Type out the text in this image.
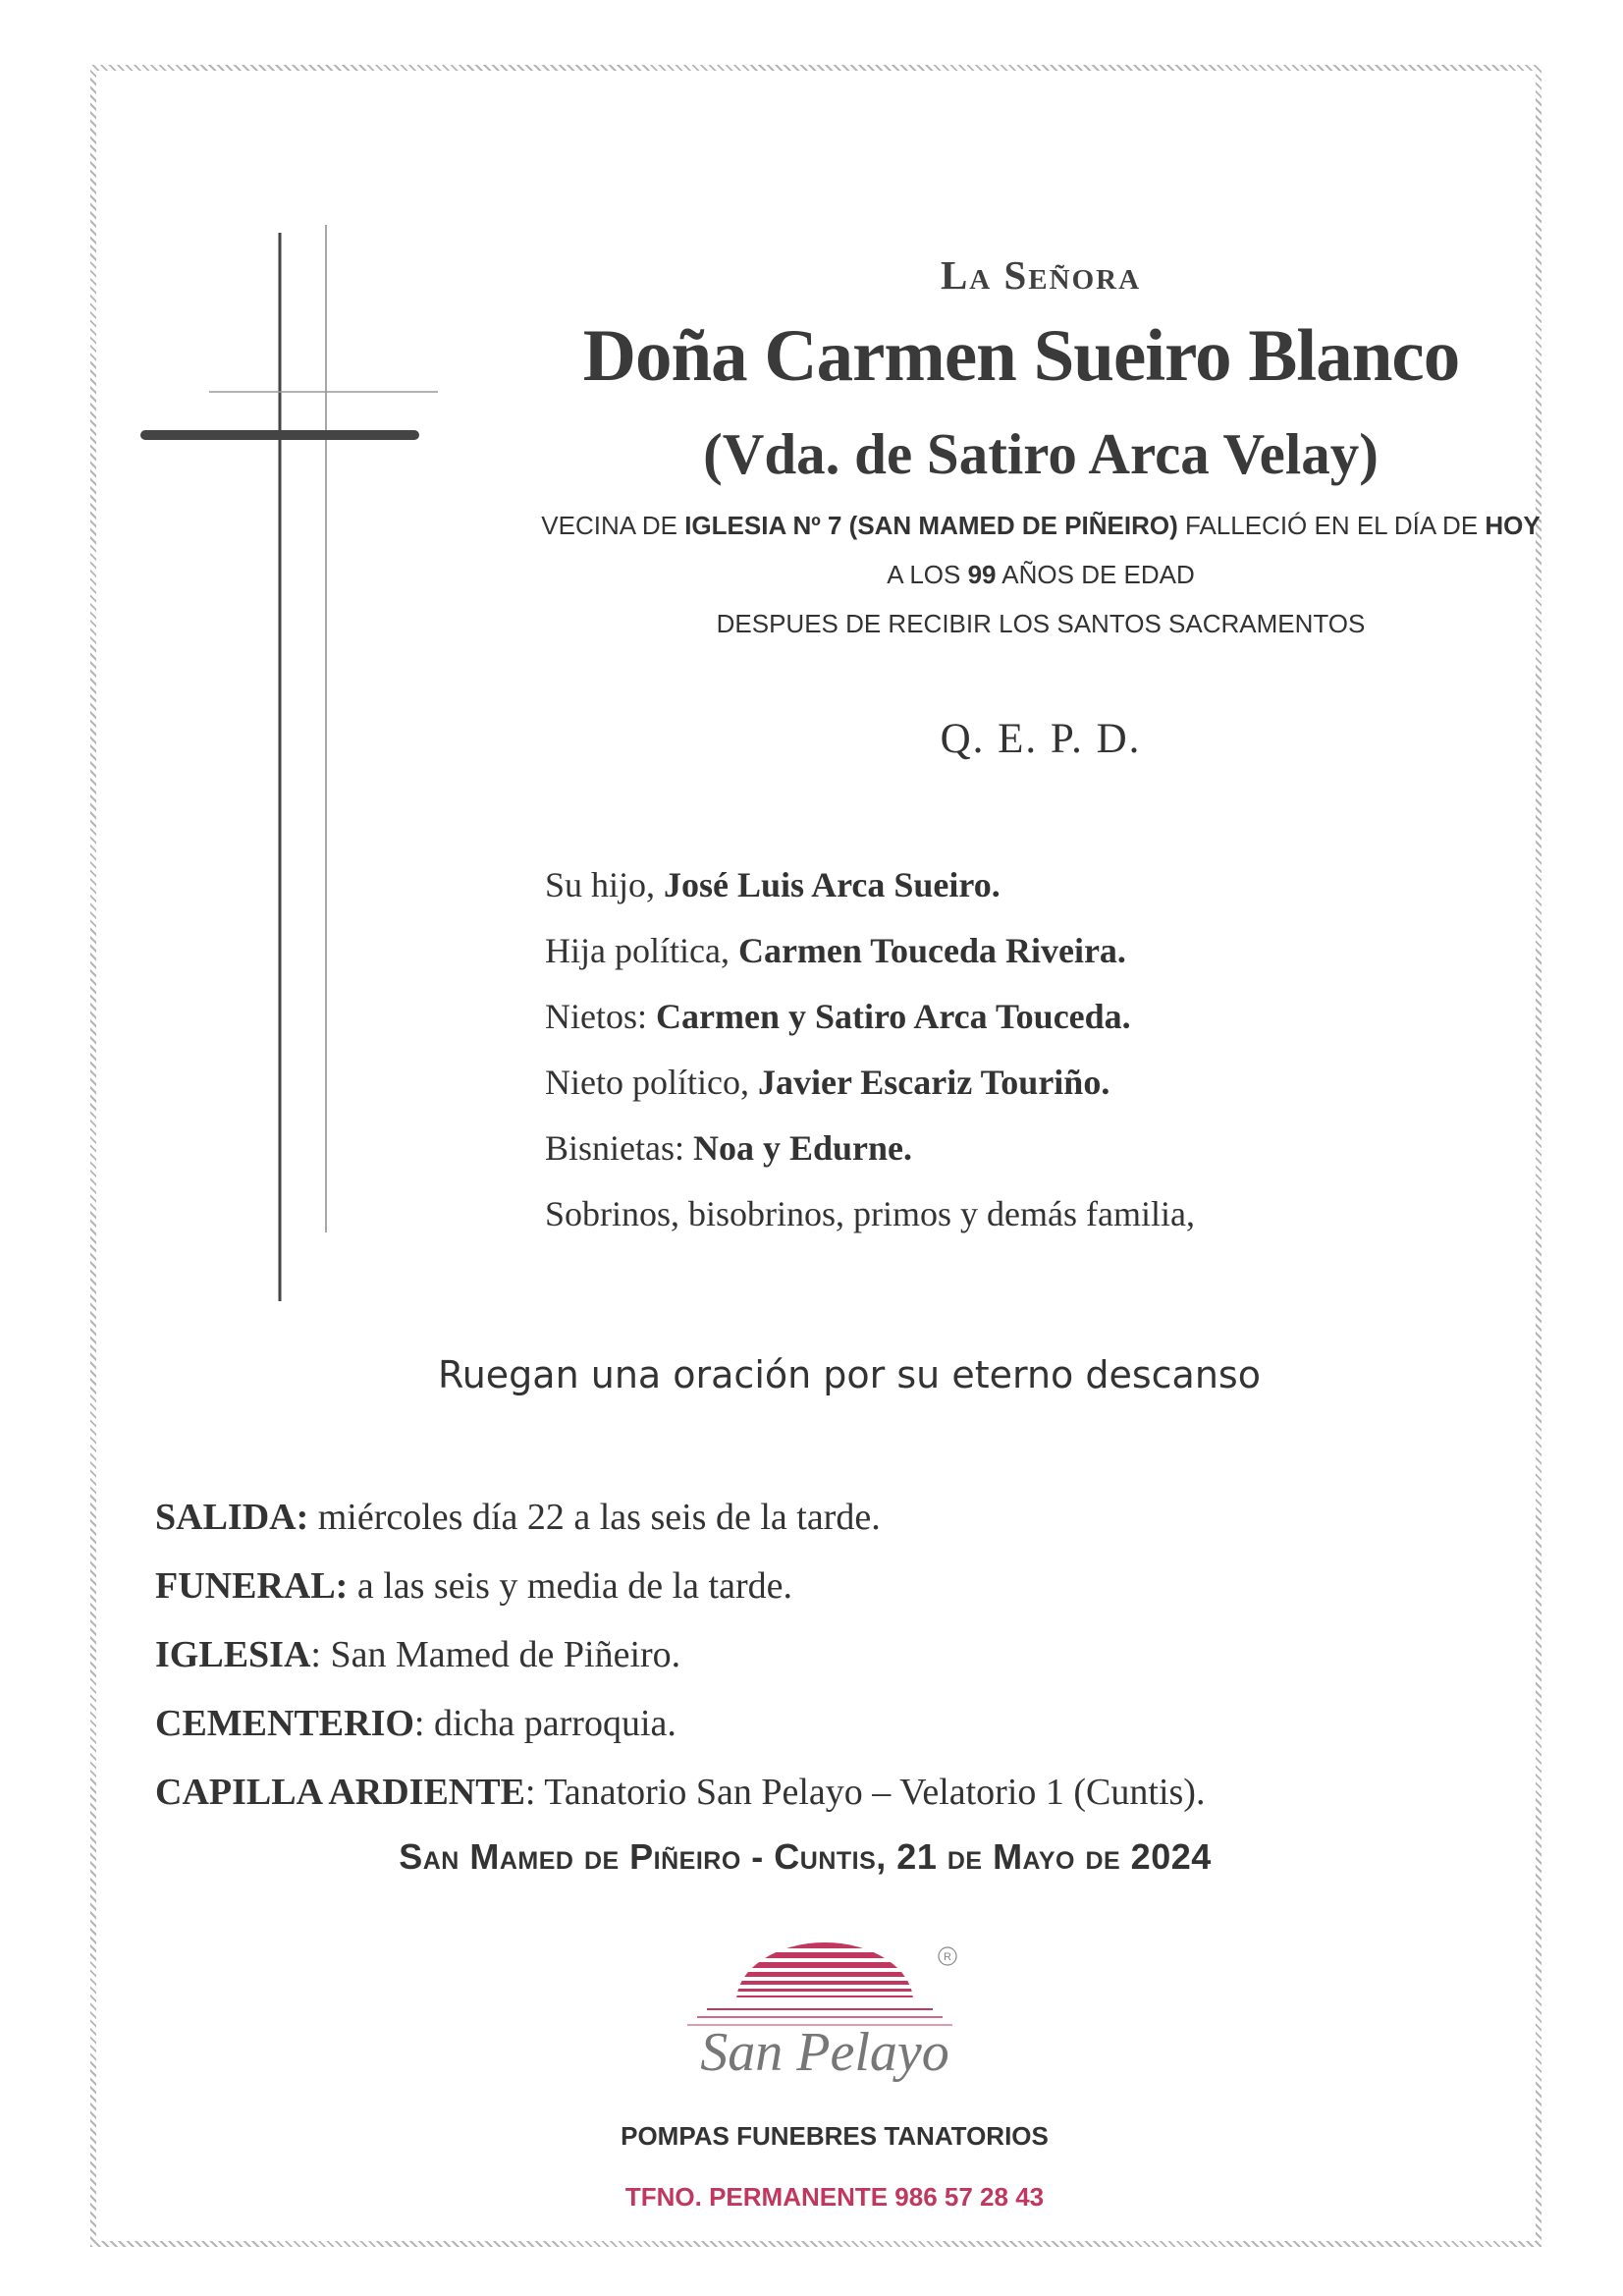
La Señora
Doña Carmen Sueiro Blanco
(Vda. de Satiro Arca Velay)
VECINA DE IGLESIA Nº 7 (SAN MAMED DE PIÑEIRO) FALLECIÓ EN EL DÍA DE HOY
A LOS 99 AÑOS DE EDAD
DESPUES DE RECIBIR LOS SANTOS SACRAMENTOS
Q. E. P. D.
Su hijo, José Luis Arca Sueiro.
Hija política, Carmen Touceda Riveira.
Nietos: Carmen y Satiro Arca Touceda.
Nieto político, Javier Escariz Touriño.
Bisnietas: Noa y Edurne.
Sobrinos, bisobrinos, primos y demás familia,
Ruegan una oración por su eterno descanso
SALIDA: miércoles día 22 a las seis de la tarde.
FUNERAL: a las seis y media de la tarde.
IGLESIA: San Mamed de Piñeiro.
CEMENTERIO: dicha parroquia.
CAPILLA ARDIENTE: Tanatorio San Pelayo – Velatorio 1 (Cuntis).
San Mamed de Piñeiro - Cuntis, 21 de Mayo de 2024
R
San Pelayo
POMPAS FUNEBRES TANATORIOS
TFNO. PERMANENTE 986 57 28 43
